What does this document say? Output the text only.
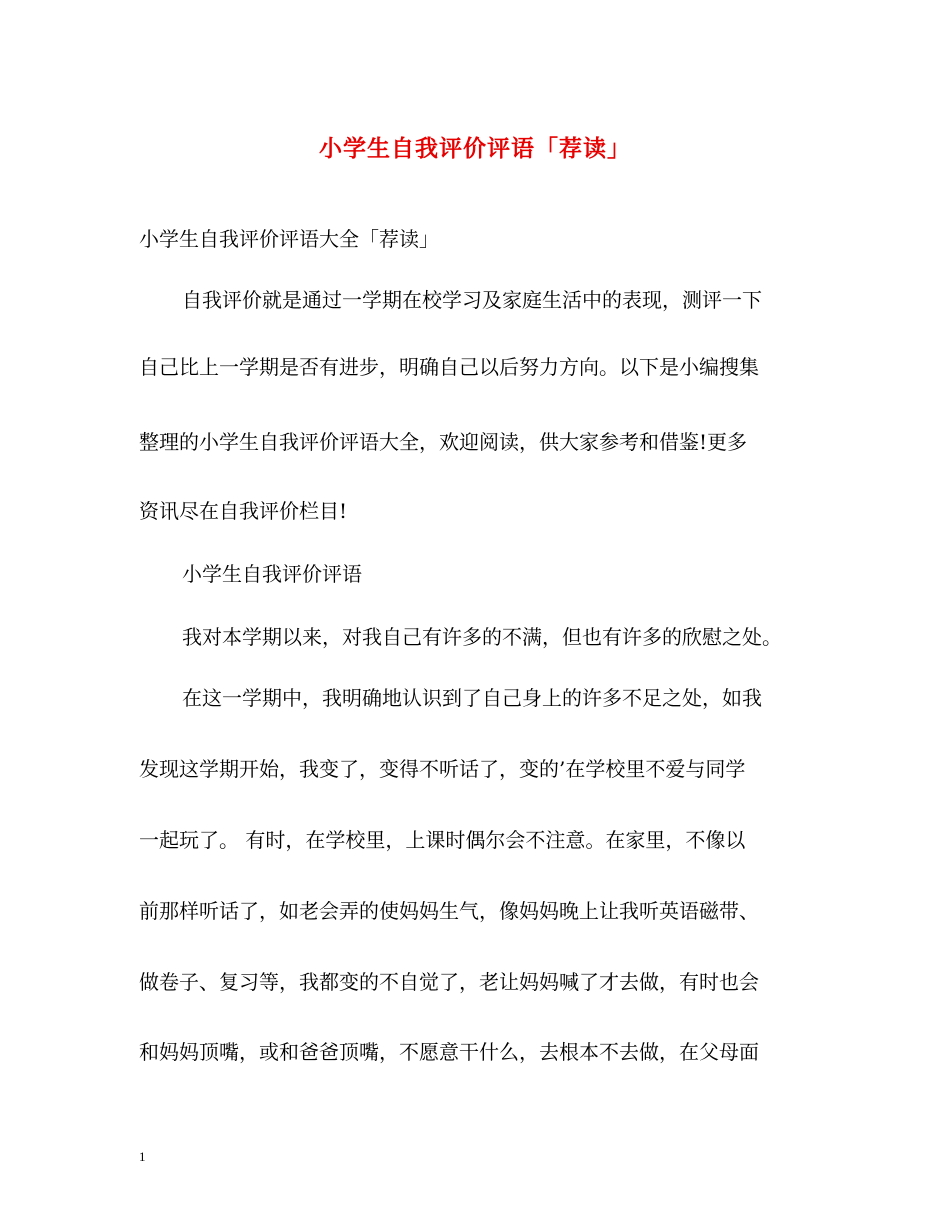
小学生自我评价评语「荐读」

小学生自我评价评语大全「荐读」

自我评价就是通过一学期在校学习及家庭生活中的表现，测评一下

自己比上一学期是否有进步，明确自己以后努力方向。以下是小编搜集

整理的小学生自我评价评语大全，欢迎阅读，供大家参考和借鉴!更多

资讯尽在自我评价栏目!

小学生自我评价评语

我对本学期以来，对我自己有许多的不满，但也有许多的欣慰之处。

在这一学期中，我明确地认识到了自己身上的许多不足之处，如我

发现这学期开始，我变了，变得不听话了，变的’在学校里不爱与同学

一起玩了。 有时，在学校里，上课时偶尔会不注意。在家里，不像以

前那样听话了，如老会弄的使妈妈生气，像妈妈晚上让我听英语磁带、

做卷子、复习等，我都变的不自觉了，老让妈妈喊了才去做，有时也会

和妈妈顶嘴，或和爸爸顶嘴，不愿意干什么，去根本不去做，在父母面

1
